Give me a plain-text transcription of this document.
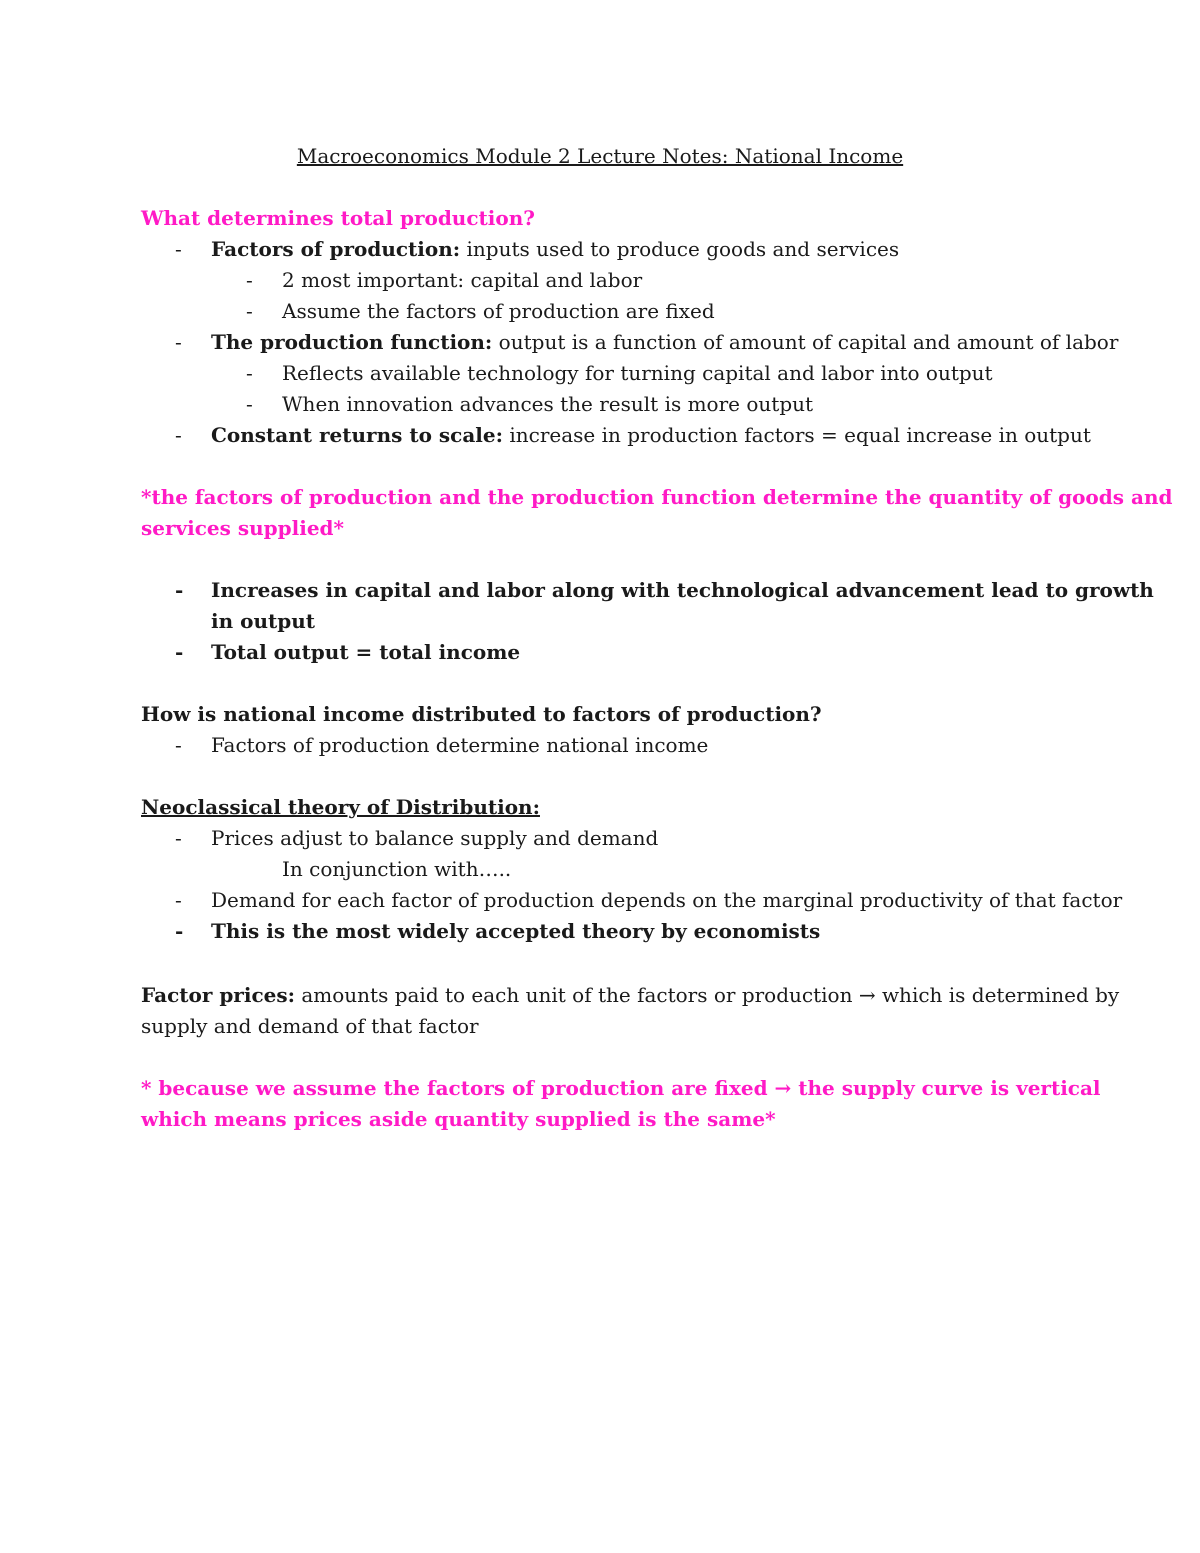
Macroeconomics Module 2 Lecture Notes: National Income
What determines total production?
- Factors of production: inputs used to produce goods and services
- 2 most important: capital and labor
- Assume the factors of production are fixed
- The production function: output is a function of amount of capital and amount of labor
- Reflects available technology for turning capital and labor into output
- When innovation advances the result is more output
- Constant returns to scale: increase in production factors = equal increase in output
*the factors of production and the production function determine the quantity of goods and
services supplied*
- Increases in capital and labor along with technological advancement lead to growth
in output
- Total output = total income
How is national income distributed to factors of production?
- Factors of production determine national income
Neoclassical theory of Distribution:
- Prices adjust to balance supply and demand
In conjunction with…..
- Demand for each factor of production depends on the marginal productivity of that factor
- This is the most widely accepted theory by economists
Factor prices: amounts paid to each unit of the factors or production → which is determined by
supply and demand of that factor
* because we assume the factors of production are fixed → the supply curve is vertical
which means prices aside quantity supplied is the same*
